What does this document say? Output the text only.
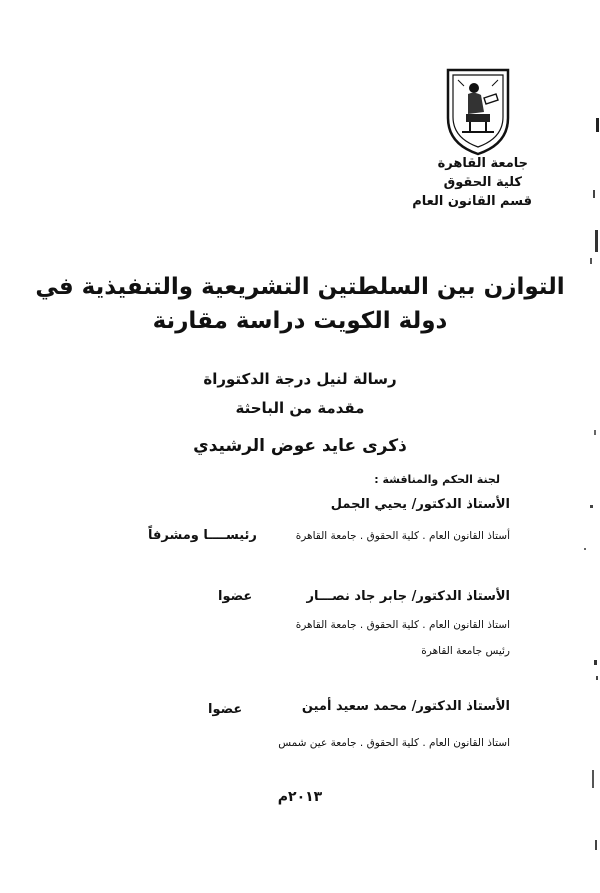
جامعة القاهرة
كلية الحقوق
قسم القانون العام
التوازن بين السلطتين التشريعية والتنفيذية في
دولة الكويت دراسة مقارنة
رسالة لنيل درجة الدكتوراة
مقدمة من الباحثة
ذكرى عايد عوض الرشيدي
لجنة الحكم والمناقشة :
الأستاذ الدكتور/ يحيي الجمل
أستاذ القانون العام . كلية الحقوق . جامعة القاهرة
رئيســــا ومشرفاً
الأستاذ الدكتور/ جابر جاد نصـــار
عضوا
استاذ القانون العام . كلية الحقوق . جامعة القاهرة
رئيس جامعة القاهرة
الأستاذ الدكتور/ محمد سعيد أمين
عضوا
استاذ القانون العام . كلية الحقوق . جامعة عين شمس
٢٠١٣م
